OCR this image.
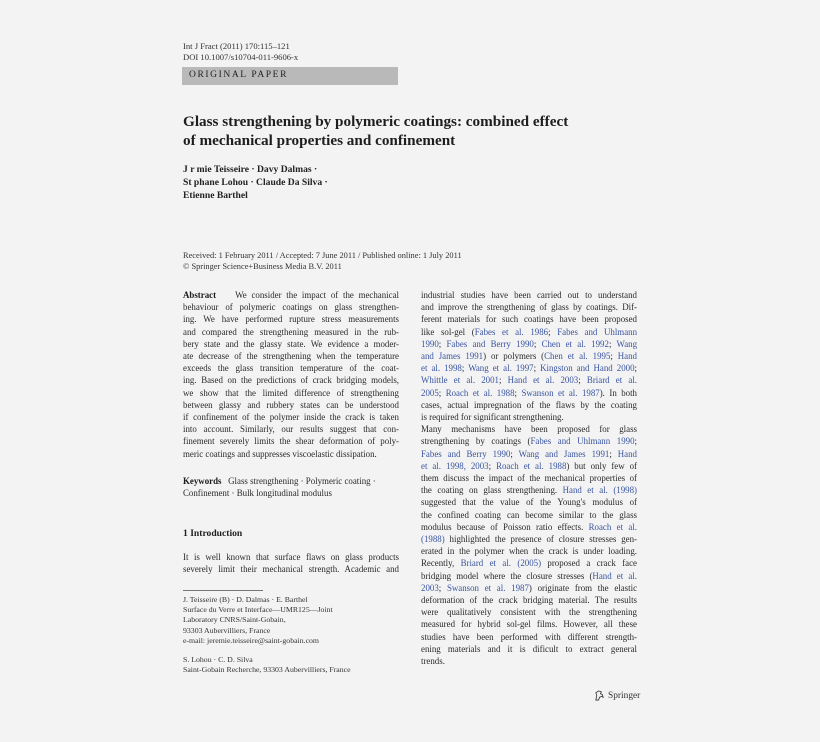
Int J Fract (2011) 170:115–121
DOI 10.1007/s10704-011-9606-x
ORIGINAL PAPER
Glass strengthening by polymeric coatings: combined effect
of mechanical properties and confinement
J r mie Teisseire · Davy Dalmas ·
St phane Lohou · Claude Da Silva ·
Etienne Barthel
Received: 1 February 2011 / Accepted: 7 June 2011 / Published online: 1 July 2011
© Springer Science+Business Media B.V. 2011
Abstract We consider the impact of the mechanical
behaviour of polymeric coatings on glass strengthen-
ing. We have performed rupture stress measurements
and compared the strengthening measured in the rub-
bery state and the glassy state. We evidence a moder-
ate decrease of the strengthening when the temperature
exceeds the glass transition temperature of the coat-
ing. Based on the predictions of crack bridging models,
we show that the limited difference of strengthening
between glassy and rubbery states can be understood
if confinement of the polymer inside the crack is taken
into account. Similarly, our results suggest that con-
finement severely limits the shear deformation of poly-
meric coatings and suppresses viscoelastic dissipation.
Keywords Glass strengthening · Polymeric coating ·
Confinement · Bulk longitudinal modulus
1 Introduction
It is well known that surface flaws on glass products
severely limit their mechanical strength. Academic and
J. Teisseire (B) · D. Dalmas · E. Barthel
Surface du Verre et Interface—UMR125—Joint
Laboratory CNRS/Saint-Gobain,
93303 Aubervilliers, France
e-mail: jeremie.teisseire@saint-gobain.com
S. Lohou · C. D. Silva
Saint-Gobain Recherche, 93303 Aubervilliers, France
industrial studies have been carried out to understand
and improve the strengthening of glass by coatings. Dif-
ferent materials for such coatings have been proposed
like sol-gel (Fabes et al. 1986; Fabes and Uhlmann
1990; Fabes and Berry 1990; Chen et al. 1992; Wang
and James 1991) or polymers (Chen et al. 1995; Hand
et al. 1998; Wang et al. 1997; Kingston and Hand 2000;
Whittle et al. 2001; Hand et al. 2003; Briard et al.
2005; Roach et al. 1988; Swanson et al. 1987). In both
cases, actual impregnation of the flaws by the coating
is required for significant strengthening.
Many mechanisms have been proposed for glass
strengthening by coatings (Fabes and Uhlmann 1990;
Fabes and Berry 1990; Wang and James 1991; Hand
et al. 1998, 2003; Roach et al. 1988) but only few of
them discuss the impact of the mechanical properties of
the coating on glass strengthening. Hand et al. (1998)
suggested that the value of the Young's modulus of
the confined coating can become similar to the glass
modulus because of Poisson ratio effects. Roach et al.
(1988) highlighted the presence of closure stresses gen-
erated in the polymer when the crack is under loading.
Recently, Briard et al. (2005) proposed a crack face
bridging model where the closure stresses (Hand et al.
2003; Swanson et al. 1987) originate from the elastic
deformation of the crack bridging material. The results
were qualitatively consistent with the strengthening
measured for hybrid sol-gel films. However, all these
studies have been performed with different strength-
ening materials and it is dificult to extract general
trends.
Springer
